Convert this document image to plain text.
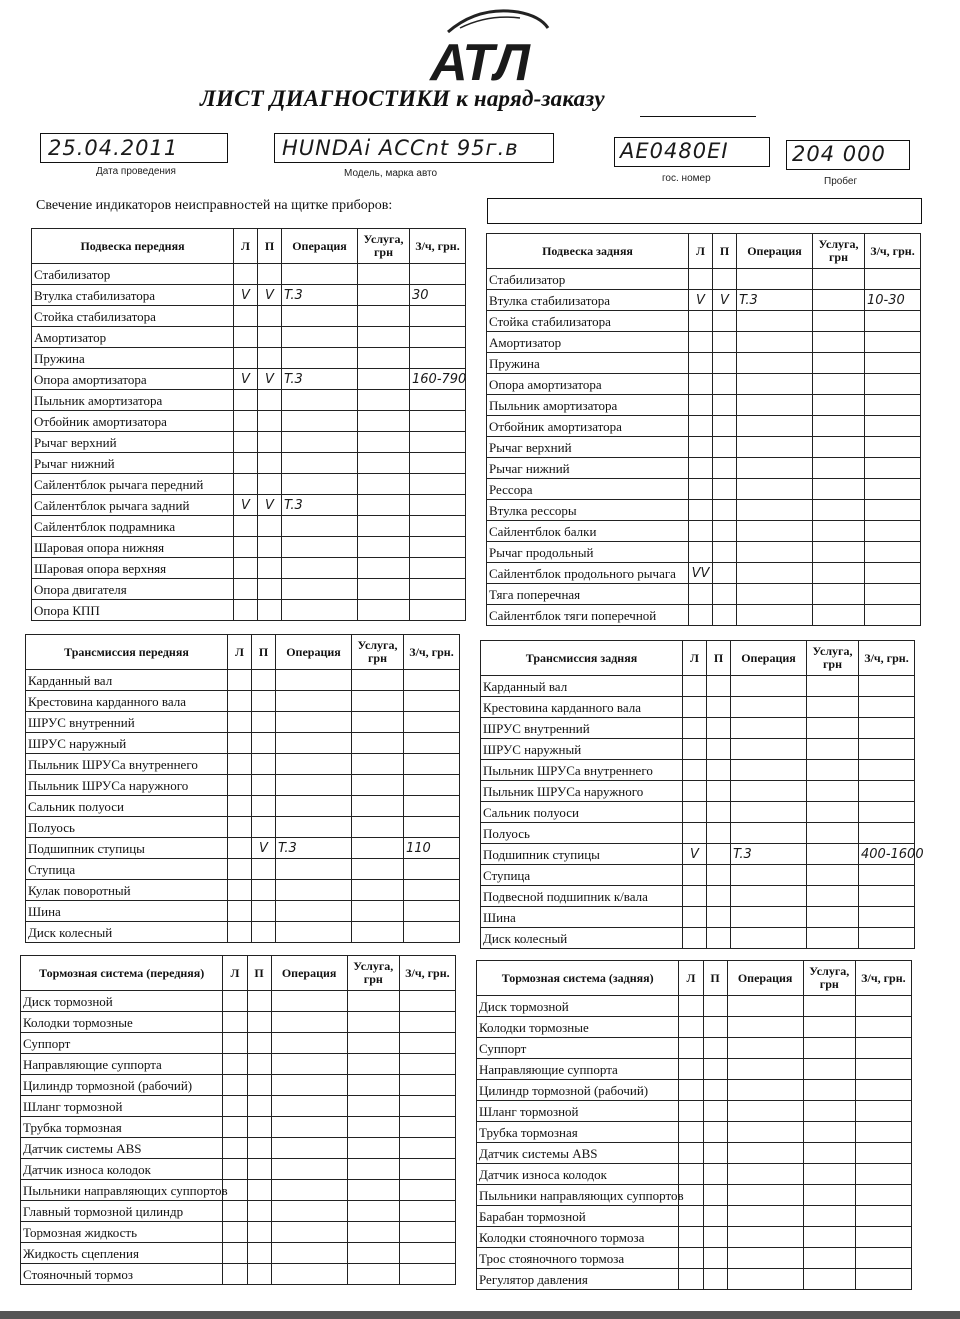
АТЛ
ЛИСТ ДИАГНОСТИКИ к наряд-заказу
25.04.2011
Дата проведения
HUNDAi ACCnt 95г.в
Модель, марка авто
AE0480EI
гос. номер
204 000
Пробег
Свечение индикаторов неисправностей на щитке приборов:
Подвеска передняя	Л	П	Операция	Услуга, грн	З/ч, грн.
Стабилизатор					
Втулка стабилизатора	V	V	T.3		30
Стойка стабилизатора					
Амортизатор					
Пружина					
Опора амортизатора	V	V	T.3		160-790
Пыльник амортизатора					
Отбойник амортизатора					
Рычаг верхний					
Рычаг нижний					
Сайлентблок рычага передний					
Сайлентблок рычага задний	V	V	T.3		
Сайлентблок подрамника					
Шаровая опора нижняя					
Шаровая опора верхняя					
Опора двигателя					
Опора КПП					
Подвеска задняя	Л	П	Операция	Услуга, грн	З/ч, грн.
Стабилизатор					
Втулка стабилизатора	V	V	T.3		10-30
Стойка стабилизатора					
Амортизатор					
Пружина					
Опора амортизатора					
Пыльник амортизатора					
Отбойник амортизатора					
Рычаг верхний					
Рычаг нижний					
Рессора					
Втулка рессоры					
Сайлентблок балки					
Рычаг продольный					
Сайлентблок продольного рычага	VV				
Тяга поперечная					
Сайлентблок тяги поперечной					
Трансмиссия передняя	Л	П	Операция	Услуга, грн	З/ч, грн.
Карданный вал					
Крестовина карданного вала					
ШРУС внутренний					
ШРУС наружный					
Пыльник ШРУСа внутреннего					
Пыльник ШРУСа наружного					
Сальник полуоси					
Полуось					
Подшипник ступицы		V	T.3		110
Ступица					
Кулак поворотный					
Шина					
Диск колесный					
Трансмиссия задняя	Л	П	Операция	Услуга, грн	З/ч, грн.
Карданный вал					
Крестовина карданного вала					
ШРУС внутренний					
ШРУС наружный					
Пыльник ШРУСа внутреннего					
Пыльник ШРУСа наружного					
Сальник полуоси					
Полуось					
Подшипник ступицы	V		T.3		400-1600
Ступица					
Подвесной подшипник к/вала					
Шина					
Диск колесный					
Тормозная система (передняя)	Л	П	Операция	Услуга, грн	З/ч, грн.
Диск тормозной					
Колодки тормозные					
Суппорт					
Направляющие суппорта					
Цилиндр тормозной (рабочий)					
Шланг тормозной					
Трубка тормозная					
Датчик системы ABS					
Датчик износа колодок					
Пыльники направляющих суппортов					
Главный тормозной цилиндр					
Тормозная жидкость					
Жидкость сцепления					
Стояночный тормоз					
Тормозная система (задняя)	Л	П	Операция	Услуга, грн	З/ч, грн.
Диск тормозной					
Колодки тормозные					
Суппорт					
Направляющие суппорта					
Цилиндр тормозной (рабочий)					
Шланг тормозной					
Трубка тормозная					
Датчик системы ABS					
Датчик износа колодок					
Пыльники направляющих суппортов					
Барабан тормозной					
Колодки стояночного тормоза					
Трос стояночного тормоза					
Регулятор давления					
